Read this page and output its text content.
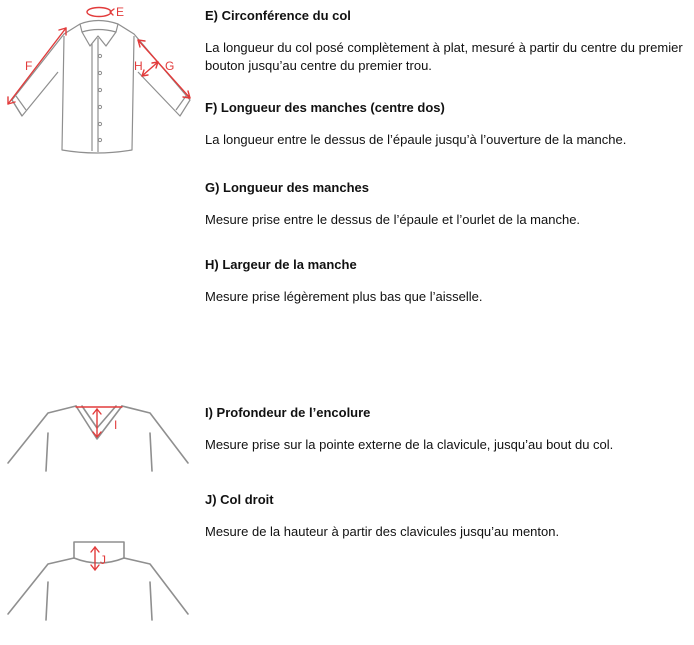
E
F	G
H
I
J
E) Circonférence du col

La longueur du col posé complètement à plat, mesuré à partir du centre du premier bouton jusqu’au centre du premier trou.

F) Longueur des manches (centre dos)

La longueur entre le dessus de l’épaule jusqu’à l’ouverture de la manche.

G) Longueur des manches

Mesure prise entre le dessus de l’épaule et l’ourlet de la manche.

H) Largeur de la manche

Mesure prise légèrement plus bas que l’aisselle.

I) Profondeur de l’encolure

Mesure prise sur la pointe externe de la clavicule, jusqu’au bout du col.

J) Col droit

Mesure de la hauteur à partir des clavicules jusqu’au menton.
